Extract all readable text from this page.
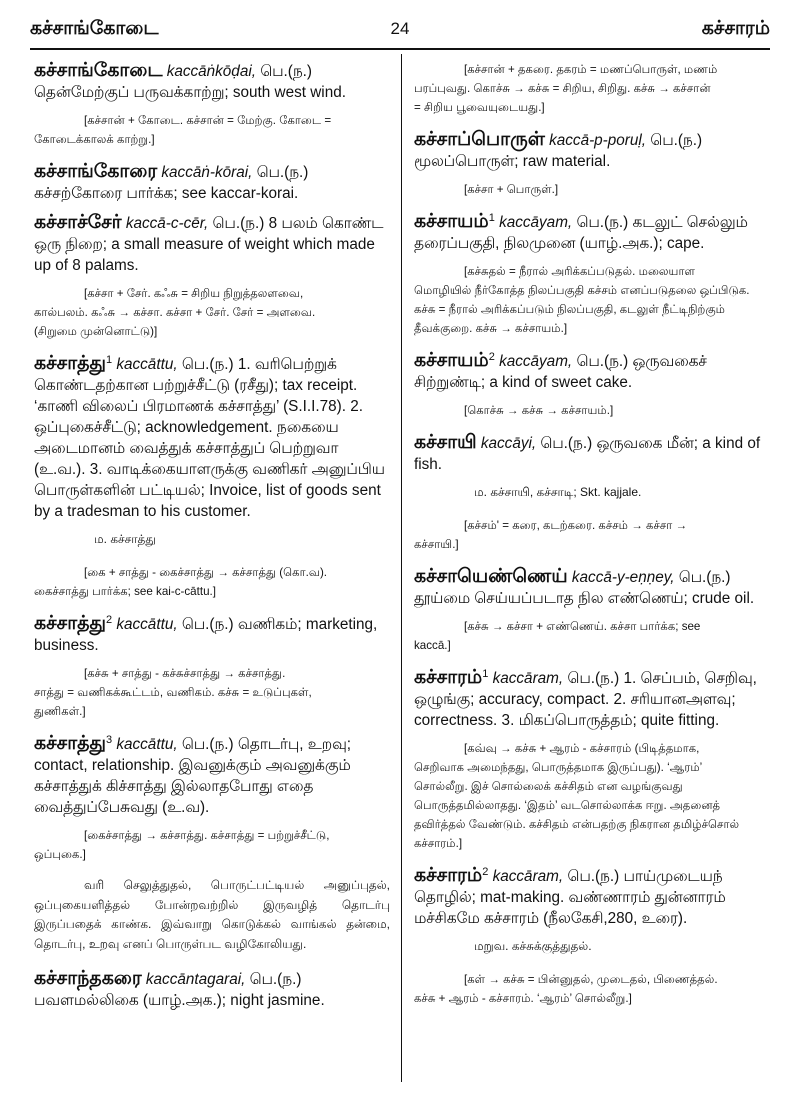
கச்சாங்கோடை	24	கச்சாரம்
கச்சாங்கோடை kaccāṅkōḍai, பெ.(ந.) தென்மேற்குப் பருவக்காற்று; south west wind.
[கச்சான் + கோடை. கச்சான் = மேற்கு. கோடை =
கோடைக்காலக் காற்று.]
கச்சாங்கோரை kaccāṅ-kōrai, பெ.(ந.) கச்சற்கோரை பார்க்க; see kaccar-korai.
கச்சாச்சேர் kaccā-c-cēr, பெ.(ந.) 8 பலம் கொண்ட ஒரு நிறை; a small measure of weight which made up of 8 palams.
[கச்சா + சேர். கஃசு = சிறிய நிறுத்தலளவை,
கால்பலம். கஃசு → கச்சா. கச்சா + சேர். சேர் = அளவை.
(சிறுமை முன்னொட்டு)]
கச்சாத்து$^1$ kaccāttu, பெ.(ந.) 1. வரிபெற்றுக் கொண்டதற்கான பற்றுச்சீட்டு (ரசீது); tax receipt. ‘காணி விலைப் பிரமாணக் கச்சாத்து’ (S.I.I.78). 2. ஒப்புகைச்சீட்டு; acknowledgement. நகையை அடைமானம் வைத்துக் கச்சாத்துப் பெற்றுவா (உ.வ.). 3. வாடிக்கையாளருக்கு வணிகர் அனுப்பிய பொருள்களின் பட்டியல்; Invoice, list of goods sent by a tradesman to his customer.
ம. கச்சாத்து
[கை + சாத்து - கைச்சாத்து → கச்சாத்து (கொ.வ).
கைச்சாத்து பார்க்க; see kai-c-cāttu.]
கச்சாத்து$^2$ kaccāttu, பெ.(ந.) வணிகம்; marketing, business.
[கச்சு + சாத்து - கச்சுச்சாத்து → கச்சாத்து.
சாத்து = வணிகக்கூட்டம், வணிகம். கச்சு = உடுப்புகள்,
துணிகள்.]
கச்சாத்து$^3$ kaccāttu, பெ.(ந.) தொடர்பு, உறவு; contact, relationship. இவனுக்கும் அவனுக்கும் கச்சாத்துக் கிச்சாத்து இல்லாதபோது எதை வைத்துப்பேசுவது (உ.வ).
[கைச்சாத்து → கச்சாத்து. கச்சாத்து = பற்றுச்சீட்டு,
ஒப்புகை.]
வரி செலுத்துதல், பொருட்பட்டியல் அனுப்புதல், ஒப்புகையளித்தல் போன்றவற்றில் இருவழித் தொடர்பு இருப்பதைக் காண்க. இவ்வாறு கொடுக்கல் வாங்கல் தன்மை, தொடர்பு, உறவு எனப் பொருள்பட வழிகோலியது.
கச்சாந்தகரை kaccāntagarai, பெ.(ந.) பவளமல்லிகை (யாழ்.அக.); night jasmine.
[கச்சான் + தகரை. தகரம் = மணப்பொருள், மணம்
பரப்புவது. கொச்சு → கச்சு = சிறிய, சிறிது. கச்சு → கச்சான்
= சிறிய பூவையுடையது.]
கச்சாப்பொருள் kaccā-p-poruḷ, பெ.(ந.) மூலப்பொருள்; raw material.
[கச்சா + பொருள்.]
கச்சாயம்$^1$ kaccāyam, பெ.(ந.) கடலுட் செல்லும் தரைப்பகுதி, நிலமுனை (யாழ்.அக.); cape.
[கச்சுதல் = நீரால் அரிக்கப்படுதல். மலையாள
மொழியில் நீர்கோத்த நிலப்பகுதி கச்சம் எனப்படுதலை ஒப்பிடுக.
கச்சு = நீரால் அரிக்கப்படும் நிலப்பகுதி, கடலுள் நீட்டிநிற்கும்
தீவக்குறை. கச்சு → கச்சாயம்.]
கச்சாயம்$^2$ kaccāyam, பெ.(ந.) ஒருவகைச் சிற்றுண்டி; a kind of sweet cake.
[கொச்சு → கச்சு → கச்சாயம்.]
கச்சாயி kaccāyi, பெ.(ந.) ஒருவகை மீன்; a kind of fish.
ம. கச்சாயி, கச்சாடி; Skt. kajjale.
[கச்சம்' = கரை, கடற்கரை. கச்சம் → கச்சா →
கச்சாயி.]
கச்சாயெண்ணெய் kaccā-y-eṇṇey, பெ.(ந.) தூய்மை செய்யப்படாத நில எண்ணெய்; crude oil.
[கச்சு → கச்சா + எண்ணெய். கச்சா பார்க்க; see
kaccā.]
கச்சாரம்$^1$ kaccāram, பெ.(ந.) 1. செப்பம், செறிவு, ஒழுங்கு; accuracy, compact. 2. சரியானஅளவு; correctness. 3. மிகப்பொருத்தம்; quite fitting.
[கவ்வு → கச்சு + ஆரம் - கச்சாரம் (பிடித்தமாக,
செறிவாக அமைந்தது, பொருத்தமாக இருப்பது). ‘ஆரம்’
சொல்லீறு. இச் சொல்லைக் கச்சிதம் என வழங்குவது
பொருத்தமில்லாதது. ‘இதம்’ வடசொல்லாக்க ஈறு. அதனைத்
தவிர்த்தல் வேண்டும். கச்சிதம் என்பதற்கு நிகரான தமிழ்ச்சொல்
கச்சாரம்.]
கச்சாரம்$^2$ kaccāram, பெ.(ந.) பாய்முடையந் தொழில்; mat-making. வண்ணாரம் துன்னாரம் மச்சிகமே கச்சாரம் (நீலகேசி,280, உரை).
மறுவ. கச்சுக்குத்துதல்.
[கள் → கச்சு = பின்னுதல், முடைதல், பிணைத்தல்.
கச்சு + ஆரம் - கச்சாரம். ‘ஆரம்’ சொல்லீறு.]
